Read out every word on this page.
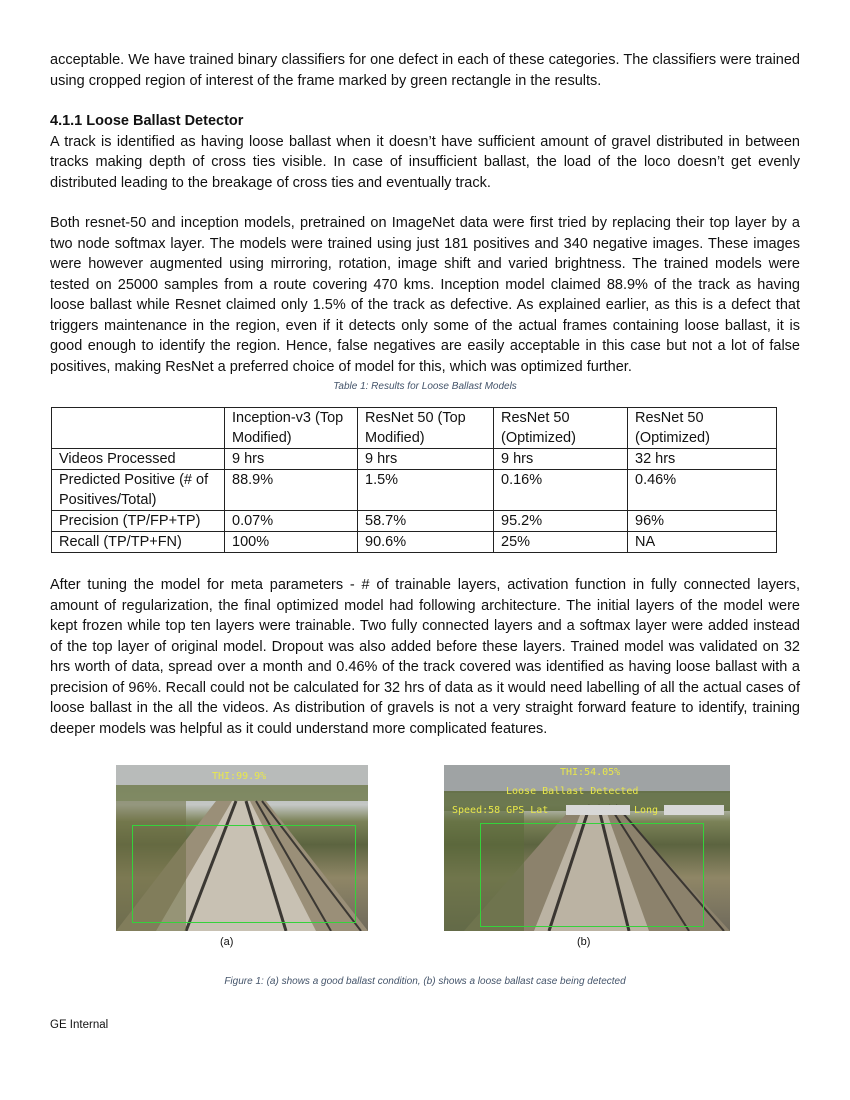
acceptable. We have trained binary classifiers for one defect in each of these categories. The classifiers were trained using cropped region of interest of the frame marked by green rectangle in the results.

4.1.1 Loose Ballast Detector

A track is identified as having loose ballast when it doesn’t have sufficient amount of gravel distributed in between tracks making depth of cross ties visible. In case of insufficient ballast, the load of the loco doesn’t get evenly distributed leading to the breakage of cross ties and eventually track.

Both resnet-50 and inception models, pretrained on ImageNet data were first tried by replacing their top layer by a two node softmax layer. The models were trained using just 181 positives and 340 negative images. These images were however augmented using mirroring, rotation, image shift and varied brightness. The trained models were tested on 25000 samples from a route covering 470 kms. Inception model claimed 88.9% of the track as having loose ballast while Resnet claimed only 1.5% of the track as defective. As explained earlier, as this is a defect that triggers maintenance in the region, even if it detects only some of the actual frames containing loose ballast, it is good enough to identify the region. Hence, false negatives are easily acceptable in this case but not a lot of false positives, making ResNet a preferred choice of model for this, which was optimized further.

Table 1: Results for Loose Ballast Models
	Inception-v3 (Top Modified)	ResNet 50 (Top Modified)	ResNet 50 (Optimized)	ResNet 50 (Optimized)
Videos Processed	9 hrs	9 hrs	9 hrs	32 hrs
Predicted Positive (# of Positives/Total)	88.9%	1.5%	0.16%	0.46%
Precision (TP/FP+TP)	0.07%	58.7%	95.2%	96%
Recall (TP/TP+FN)	100%	90.6%	25%	NA

After tuning the model for meta parameters - # of trainable layers, activation function in fully connected layers, amount of regularization, the final optimized model had following architecture. The initial layers of the model were kept frozen while top ten layers were trainable. Two fully connected layers and a softmax layer were added instead of the top layer of original model. Dropout was also added before these layers. Trained model was validated on 32 hrs worth of data, spread over a month and 0.46% of the track covered was identified as having loose ballast with a precision of 96%. Recall could not be calculated for 32 hrs of data as it would need labelling of all the actual cases of loose ballast in the all the videos. As distribution of gravels is not a very straight forward feature to identify, training deeper models was helpful as it could understand more complicated features.

THI:99.9%
(a)
THI:54.05%
Loose Ballast Detected
Speed:58 GPS Lat	Long
(b)
Figure 1: (a) shows a good ballast condition, (b) shows a loose ballast case being detected
GE Internal
